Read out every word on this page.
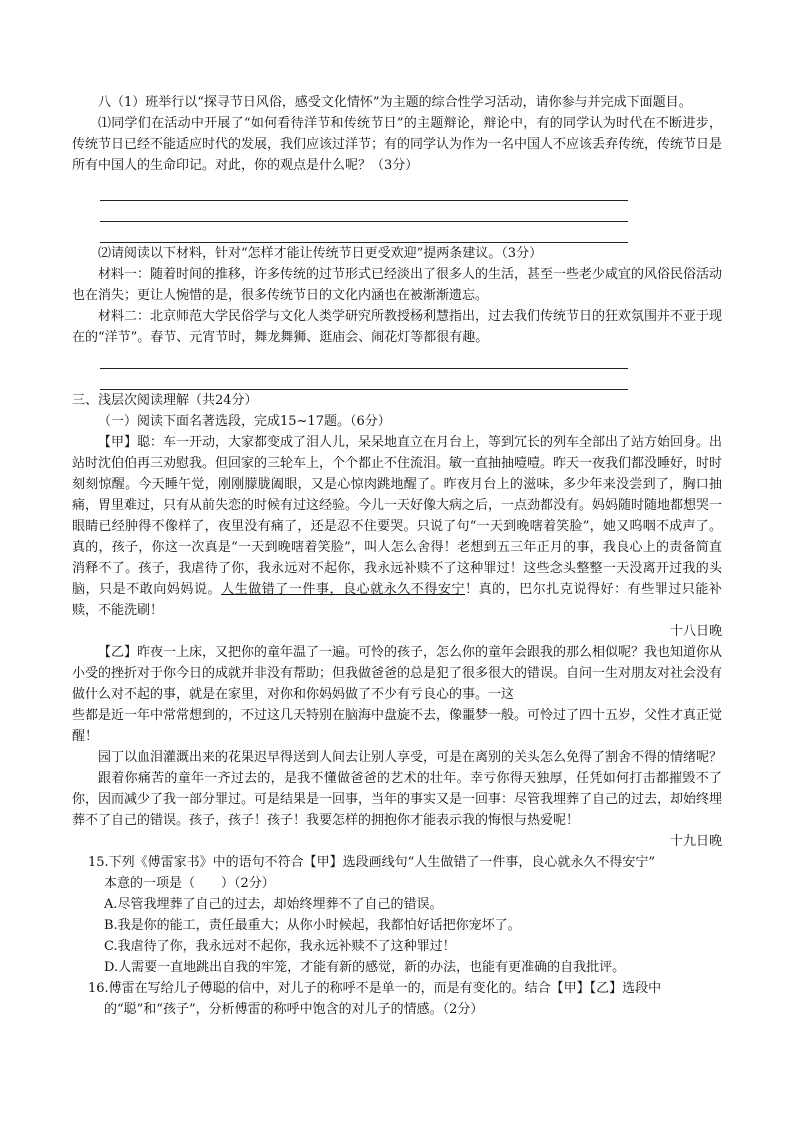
八（1）班举行以“探寻节日风俗，感受文化情怀”为主题的综合性学习活动，请你参与并完成下面题目。

⑴同学们在活动中开展了“如何看待洋节和传统节日”的主题辩论，辩论中，有的同学认为时代在不断进步，传统节日已经不能适应时代的发展，我们应该过洋节；有的同学认为作为一名中国人不应该丢弃传统，传统节日是所有中国人的生命印记。对此，你的观点是什么呢？（3分）

⑵请阅读以下材料，针对“怎样才能让传统节日更受欢迎”提两条建议。（3分）

材料一：随着时间的推移，许多传统的过节形式已经淡出了很多人的生活，甚至一些老少咸宜的风俗民俗活动也在消失；更让人惋惜的是，很多传统节日的文化内涵也在被渐渐遗忘。

材料二：北京师范大学民俗学与文化人类学研究所教授杨利慧指出，过去我们传统节日的狂欢氛围并不亚于现在的“洋节”。春节、元宵节时，舞龙舞狮、逛庙会、闹花灯等都很有趣。

三、浅层次阅读理解（共24分）

（一）阅读下面名著选段，完成15~17题。（6分）

【甲】聪：车一开动，大家都变成了泪人儿，呆呆地直立在月台上，等到冗长的列车全部出了站方始回身。出站时沈伯伯再三劝慰我。但回家的三轮车上，个个都止不住流泪。敏一直抽抽噎噎。昨天一夜我们都没睡好，时时刻刻惊醒。今天睡午觉，刚刚朦胧阖眼，又是心惊肉跳地醒了。昨夜月台上的滋味，多少年来没尝到了，胸口抽痛，胃里难过，只有从前失恋的时候有过这经验。今儿一天好像大病之后，一点劲都没有。妈妈随时随地都想哭一

眼睛已经肿得不像样了，夜里没有痛了，还是忍不住要哭。只说了句“一天到晚嗐着笑脸”，她又呜咽不成声了。真的，孩子，你这一次真是“一天到晚嗐着笑脸”，叫人怎么舍得！老想到五三年正月的事，我良心上的责备简直消释不了。孩子，我虐待了你，我永远对不起你，我永远补赎不了这种罪过！这些念头整整一天没离开过我的头脑，只是不敢向妈妈说。人生做错了一件事，良心就永久不得安宁！真的，巴尔扎克说得好：有些罪过只能补赎，不能洗刷！

十八日晚

【乙】昨夜一上床，又把你的童年温了一遍。可怜的孩子，怎么你的童年会跟我的那么相似呢？我也知道你从小受的挫折对于你今日的成就并非没有帮助；但我做爸爸的总是犯了很多很大的错误。自问一生对朋友对社会没有做什么对不起的事，就是在家里，对你和你妈妈做了不少有亏良心的事。一这

些都是近一年中常常想到的，不过这几天特别在脑海中盘旋不去，像噩梦一般。可怜过了四十五岁，父性才真正觉醒！

园丁以血泪灌溉出来的花果迟早得送到人间去让别人享受，可是在离别的关头怎么免得了割舍不得的情绪呢？

跟着你痛苦的童年一齐过去的，是我不懂做爸爸的艺术的壮年。幸亏你得天独厚，任凭如何打击都摧毁不了你，因而减少了我一部分罪过。可是结果是一回事，当年的事实又是一回事：尽管我埋葬了自己的过去，却始终埋葬不了自己的错误。孩子，孩子！孩子！我要怎样的拥抱你才能表示我的悔恨与热爱呢！

十九日晚

15.下列《傅雷家书》中的语句不符合【甲】选段画线句“人生做错了一件事，良心就永久不得安宁”

本意的一项是（　　）（2分）

A.尽管我埋葬了自己的过去，却始终埋葬不了自己的错误。

B.我是你的能工，责任最重大；从你小时候起，我都怕好话把你宠坏了。

C.我虐待了你，我永远对不起你，我永远补赎不了这种罪过！

D.人需要一直地跳出自我的牢笼，才能有新的感觉，新的办法，也能有更准确的自我批评。

16.傅雷在写给儿子傅聪的信中，对儿子的称呼不是单一的，而是有变化的。结合【甲】【乙】选段中

的“聪”和“孩子”，分析傅雷的称呼中饱含的对儿子的情感。（2分）
